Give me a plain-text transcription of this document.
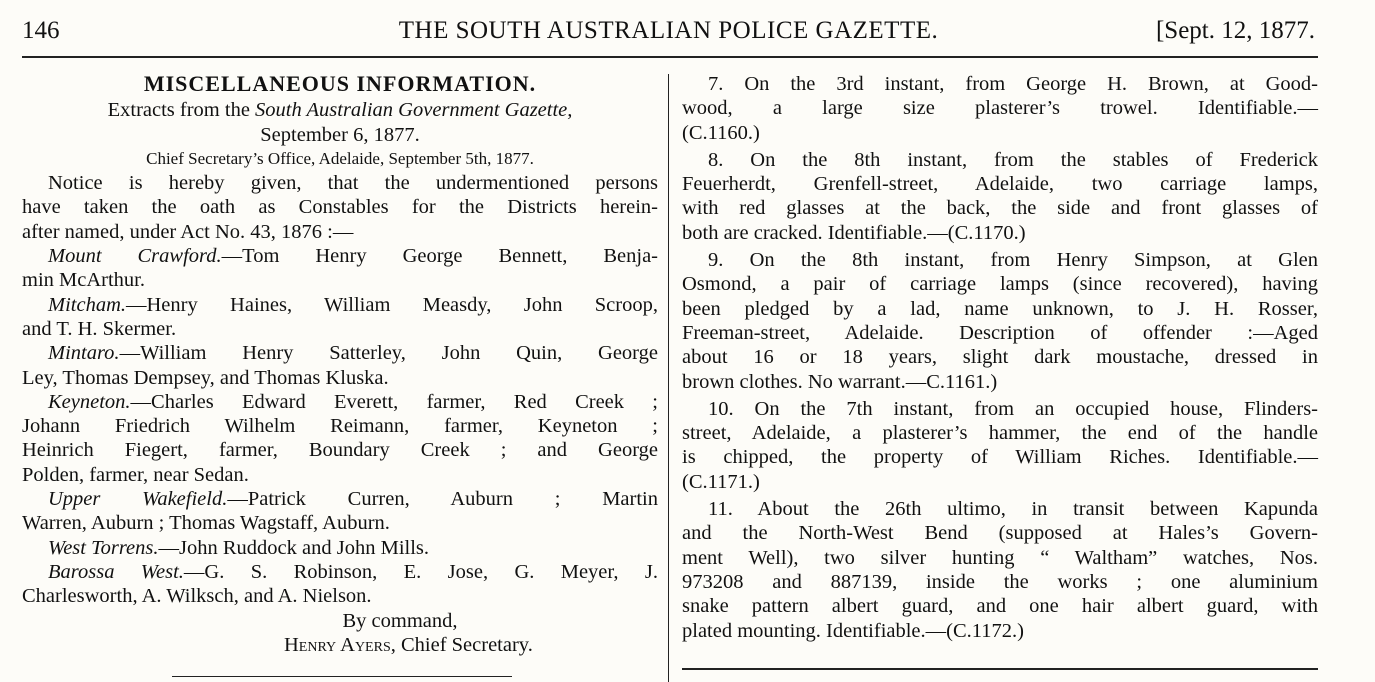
146	THE SOUTH AUSTRALIAN POLICE GAZETTE.	[Sept. 12, 1877.
MISCELLANEOUS INFORMATION.
Extracts from the South Australian Government Gazette,
September 6, 1877.
Chief Secretary’s Office, Adelaide, September 5th, 1877.
Notice is hereby given, that the undermentioned persons
have taken the oath as Constables for the Districts herein-
after named, under Act No. 43, 1876 :—
Mount Crawford.—Tom Henry George Bennett, Benja-
min McArthur.
Mitcham.—Henry Haines, William Measdy, John Scroop,
and T. H. Skermer.
Mintaro.—William Henry Satterley, John Quin, George
Ley, Thomas Dempsey, and Thomas Kluska.
Keyneton.—Charles Edward Everett, farmer, Red Creek ;
Johann Friedrich Wilhelm Reimann, farmer, Keyneton ;
Heinrich Fiegert, farmer, Boundary Creek ; and George
Polden, farmer, near Sedan.
Upper Wakefield.—Patrick Curren, Auburn ; Martin
Warren, Auburn ; Thomas Wagstaff, Auburn.
West Torrens.—John Ruddock and John Mills.
Barossa West.—G. S. Robinson, E. Jose, G. Meyer, J.
Charlesworth, A. Wilksch, and A. Nielson.
By command,
Henry Ayers, Chief Secretary.
7. On the 3rd instant, from George H. Brown, at Good-
wood, a large size plasterer’s trowel. Identifiable.—
(C.1160.)
8. On the 8th instant, from the stables of Frederick
Feuerherdt, Grenfell-street, Adelaide, two carriage lamps,
with red glasses at the back, the side and front glasses of
both are cracked. Identifiable.—(C.1170.)
9. On the 8th instant, from Henry Simpson, at Glen
Osmond, a pair of carriage lamps (since recovered), having
been pledged by a lad, name unknown, to J. H. Rosser,
Freeman-street, Adelaide. Description of offender :—Aged
about 16 or 18 years, slight dark moustache, dressed in
brown clothes. No warrant.—C.1161.)
10. On the 7th instant, from an occupied house, Flinders-
street, Adelaide, a plasterer’s hammer, the end of the handle
is chipped, the property of William Riches. Identifiable.—
(C.1171.)
11. About the 26th ultimo, in transit between Kapunda
and the North-West Bend (supposed at Hales’s Govern-
ment Well), two silver hunting “ Waltham” watches, Nos.
973208 and 887139, inside the works ; one aluminium
snake pattern albert guard, and one hair albert guard, with
plated mounting. Identifiable.—(C.1172.)
